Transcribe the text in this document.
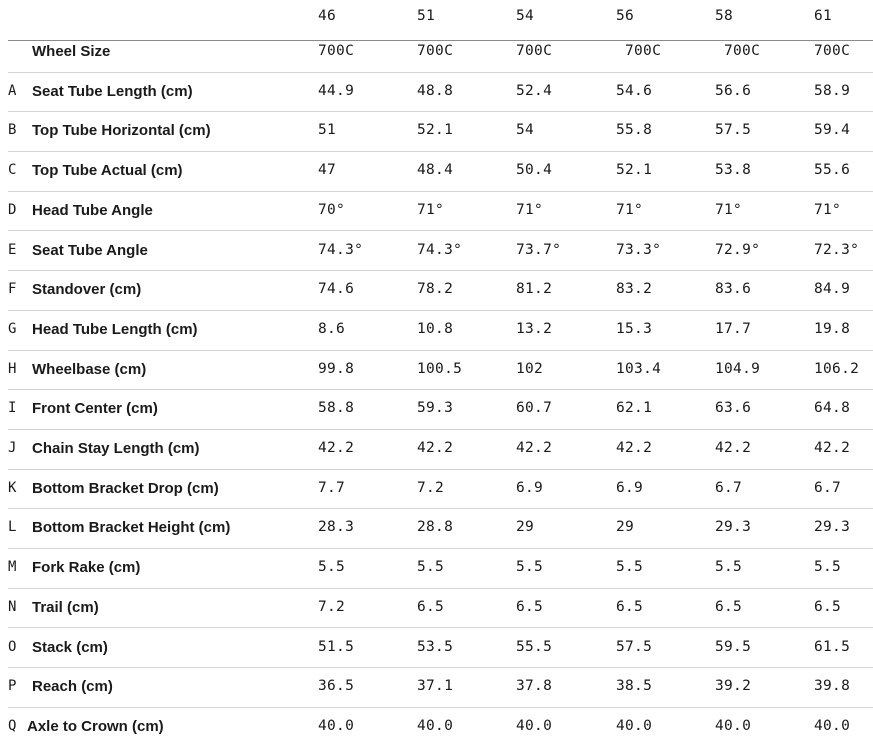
46	51	54	56	58	61
Wheel Size	700C	700C	700C	700C	700C	700C
A Seat Tube Length (cm)	44.9	48.8	52.4	54.6	56.6	58.9
B Top Tube Horizontal (cm)	51	52.1	54	55.8	57.5	59.4
C Top Tube Actual (cm)	47	48.4	50.4	52.1	53.8	55.6
D Head Tube Angle	70°	71°	71°	71°	71°	71°
E Seat Tube Angle	74.3°	74.3°	73.7°	73.3°	72.9°	72.3°
F Standover (cm)	74.6	78.2	81.2	83.2	83.6	84.9
G Head Tube Length (cm)	8.6	10.8	13.2	15.3	17.7	19.8
H Wheelbase (cm)	99.8	100.5	102	103.4	104.9	106.2
I Front Center (cm)	58.8	59.3	60.7	62.1	63.6	64.8
J Chain Stay Length (cm)	42.2	42.2	42.2	42.2	42.2	42.2
K Bottom Bracket Drop (cm)	7.7	7.2	6.9	6.9	6.7	6.7
L Bottom Bracket Height (cm)	28.3	28.8	29	29	29.3	29.3
M Fork Rake (cm)	5.5	5.5	5.5	5.5	5.5	5.5
N Trail (cm)	7.2	6.5	6.5	6.5	6.5	6.5
O Stack (cm)	51.5	53.5	55.5	57.5	59.5	61.5
P Reach (cm)	36.5	37.1	37.8	38.5	39.2	39.8
Q Axle to Crown (cm)	40.0	40.0	40.0	40.0	40.0	40.0
